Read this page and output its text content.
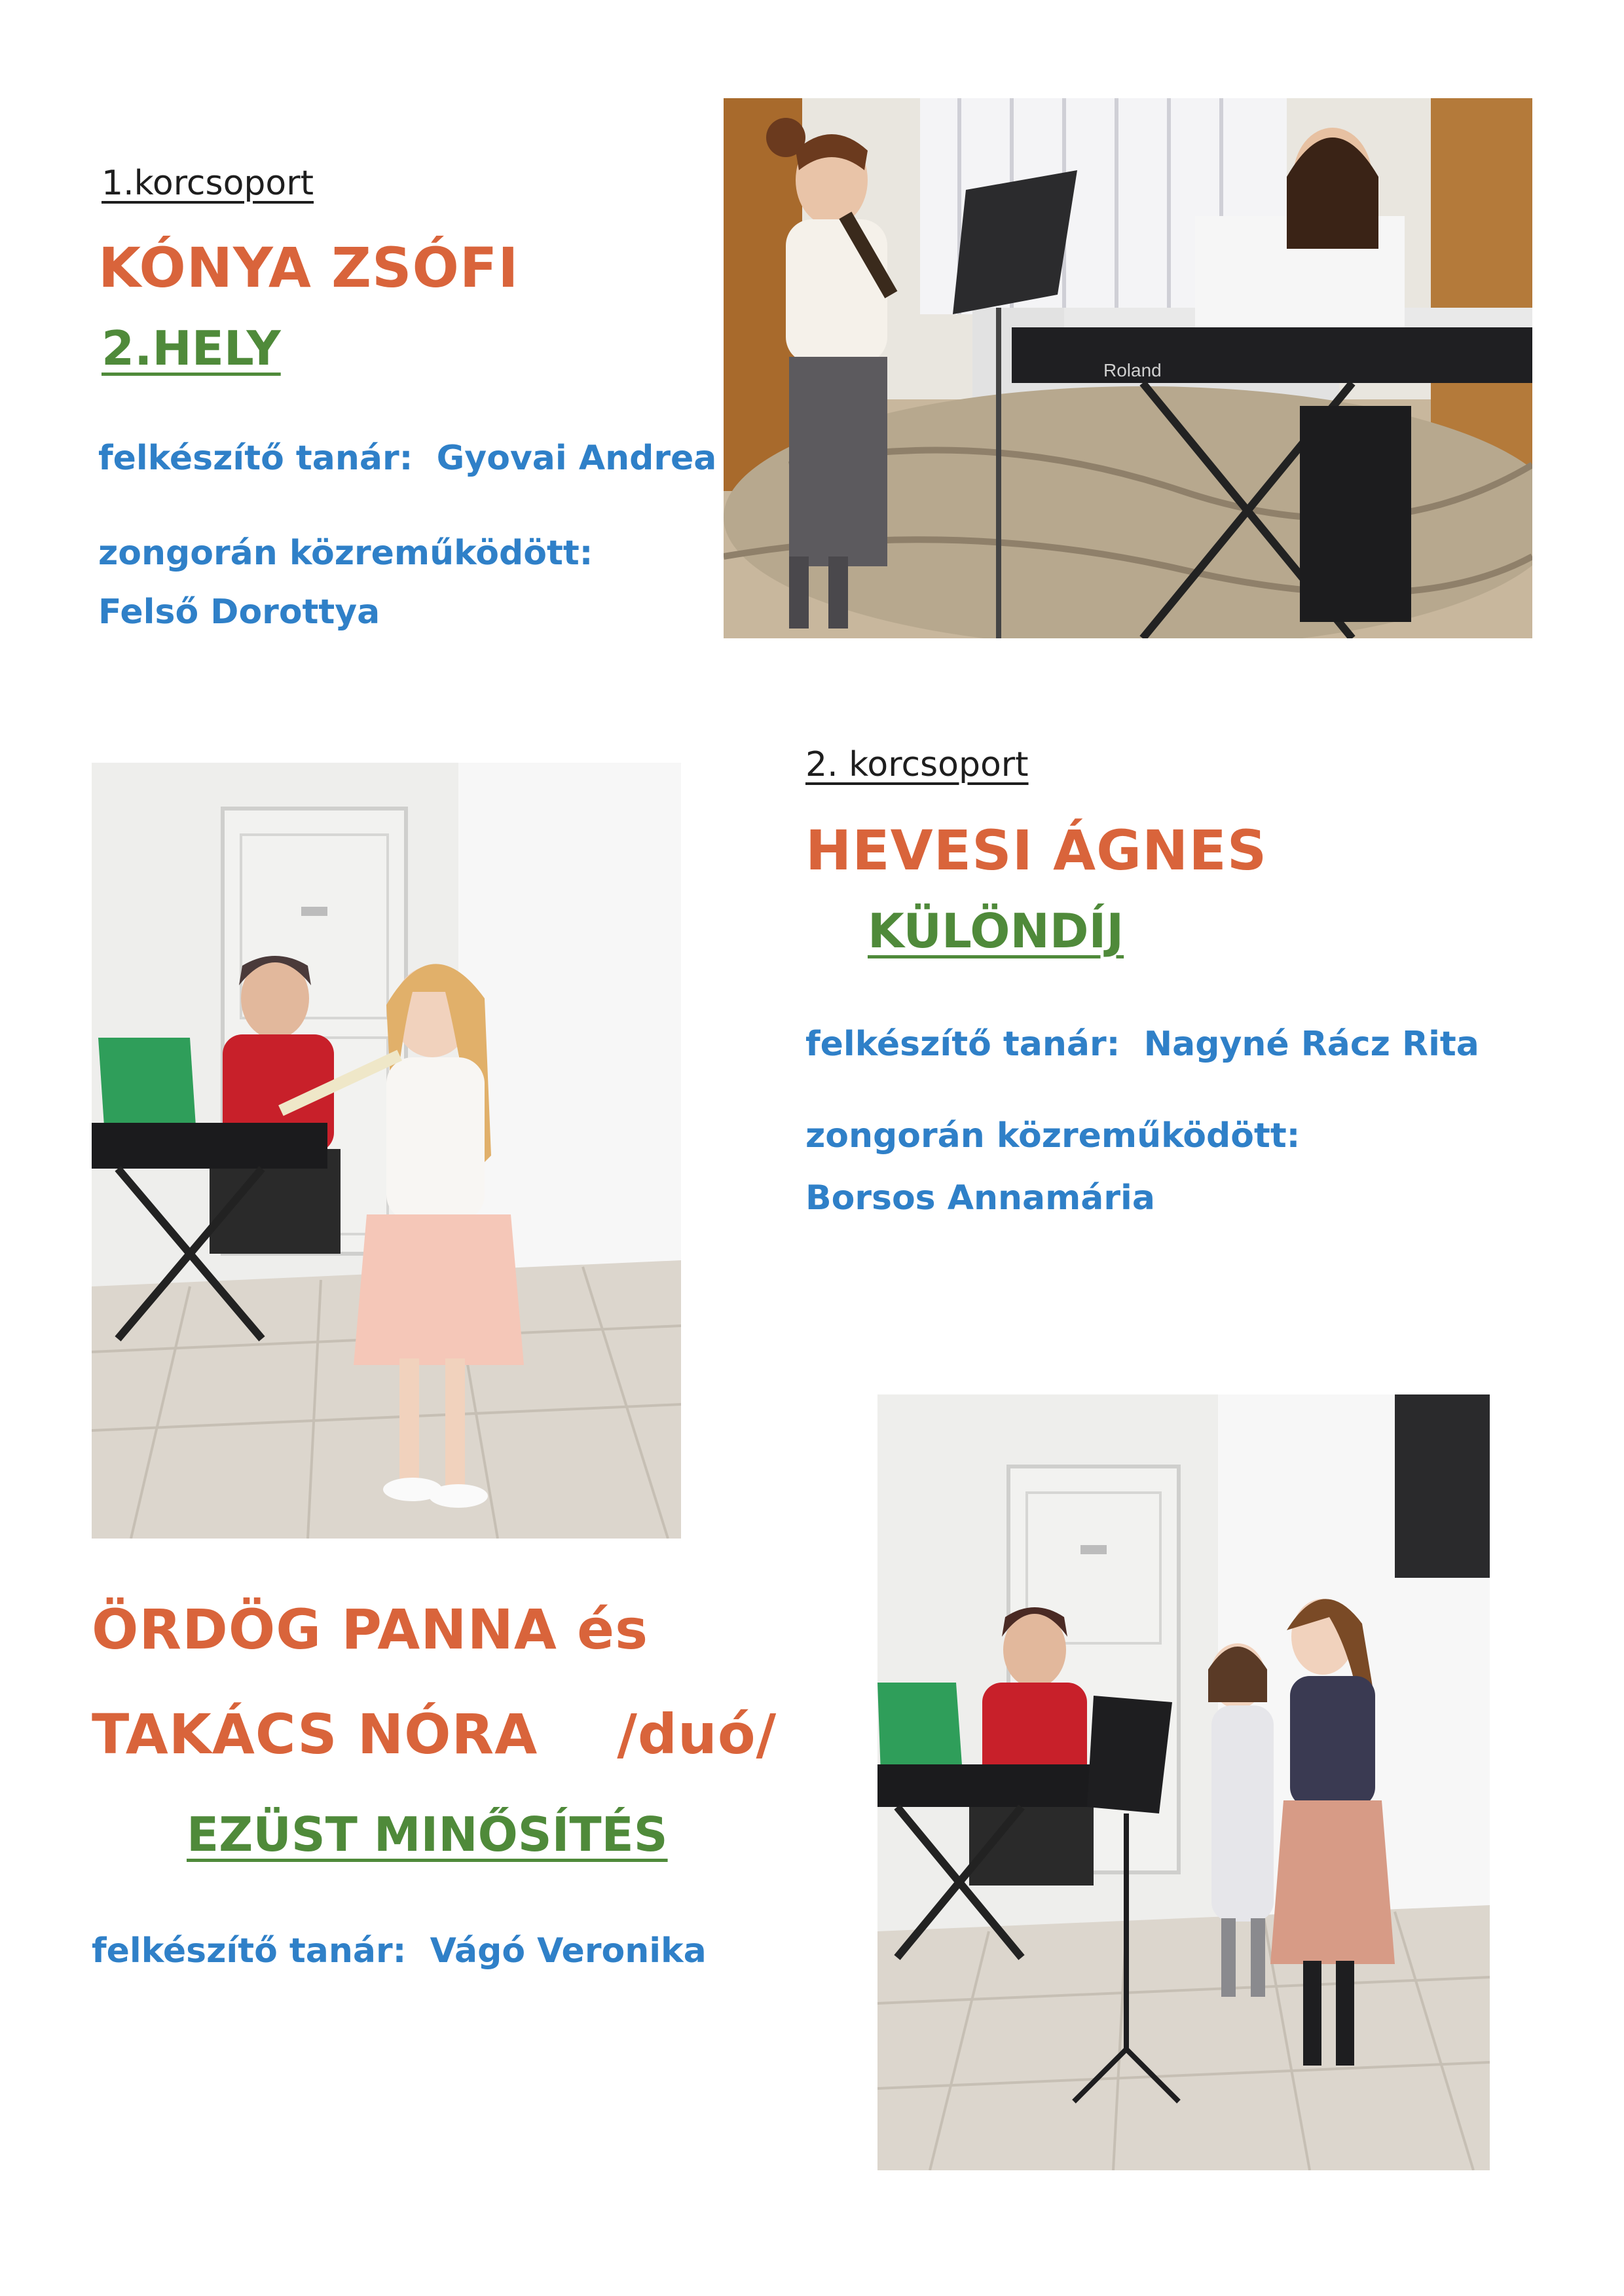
1.korcsoport
KÓNYA ZSÓFI
2.HELY
felkészítő tanár: Gyovai Andrea
zongorán közreműködött:
Felső Dorottya
Roland
2. korcsoport
HEVESI ÁGNES
KÜLÖNDÍJ
felkészítő tanár: Nagyné Rácz Rita
zongorán közreműködött:
Borsos Annamária
ÖRDÖG PANNA és
TAKÁCS NÓRA /duó/
EZÜST MINŐSÍTÉS
felkészítő tanár: Vágó Veronika
